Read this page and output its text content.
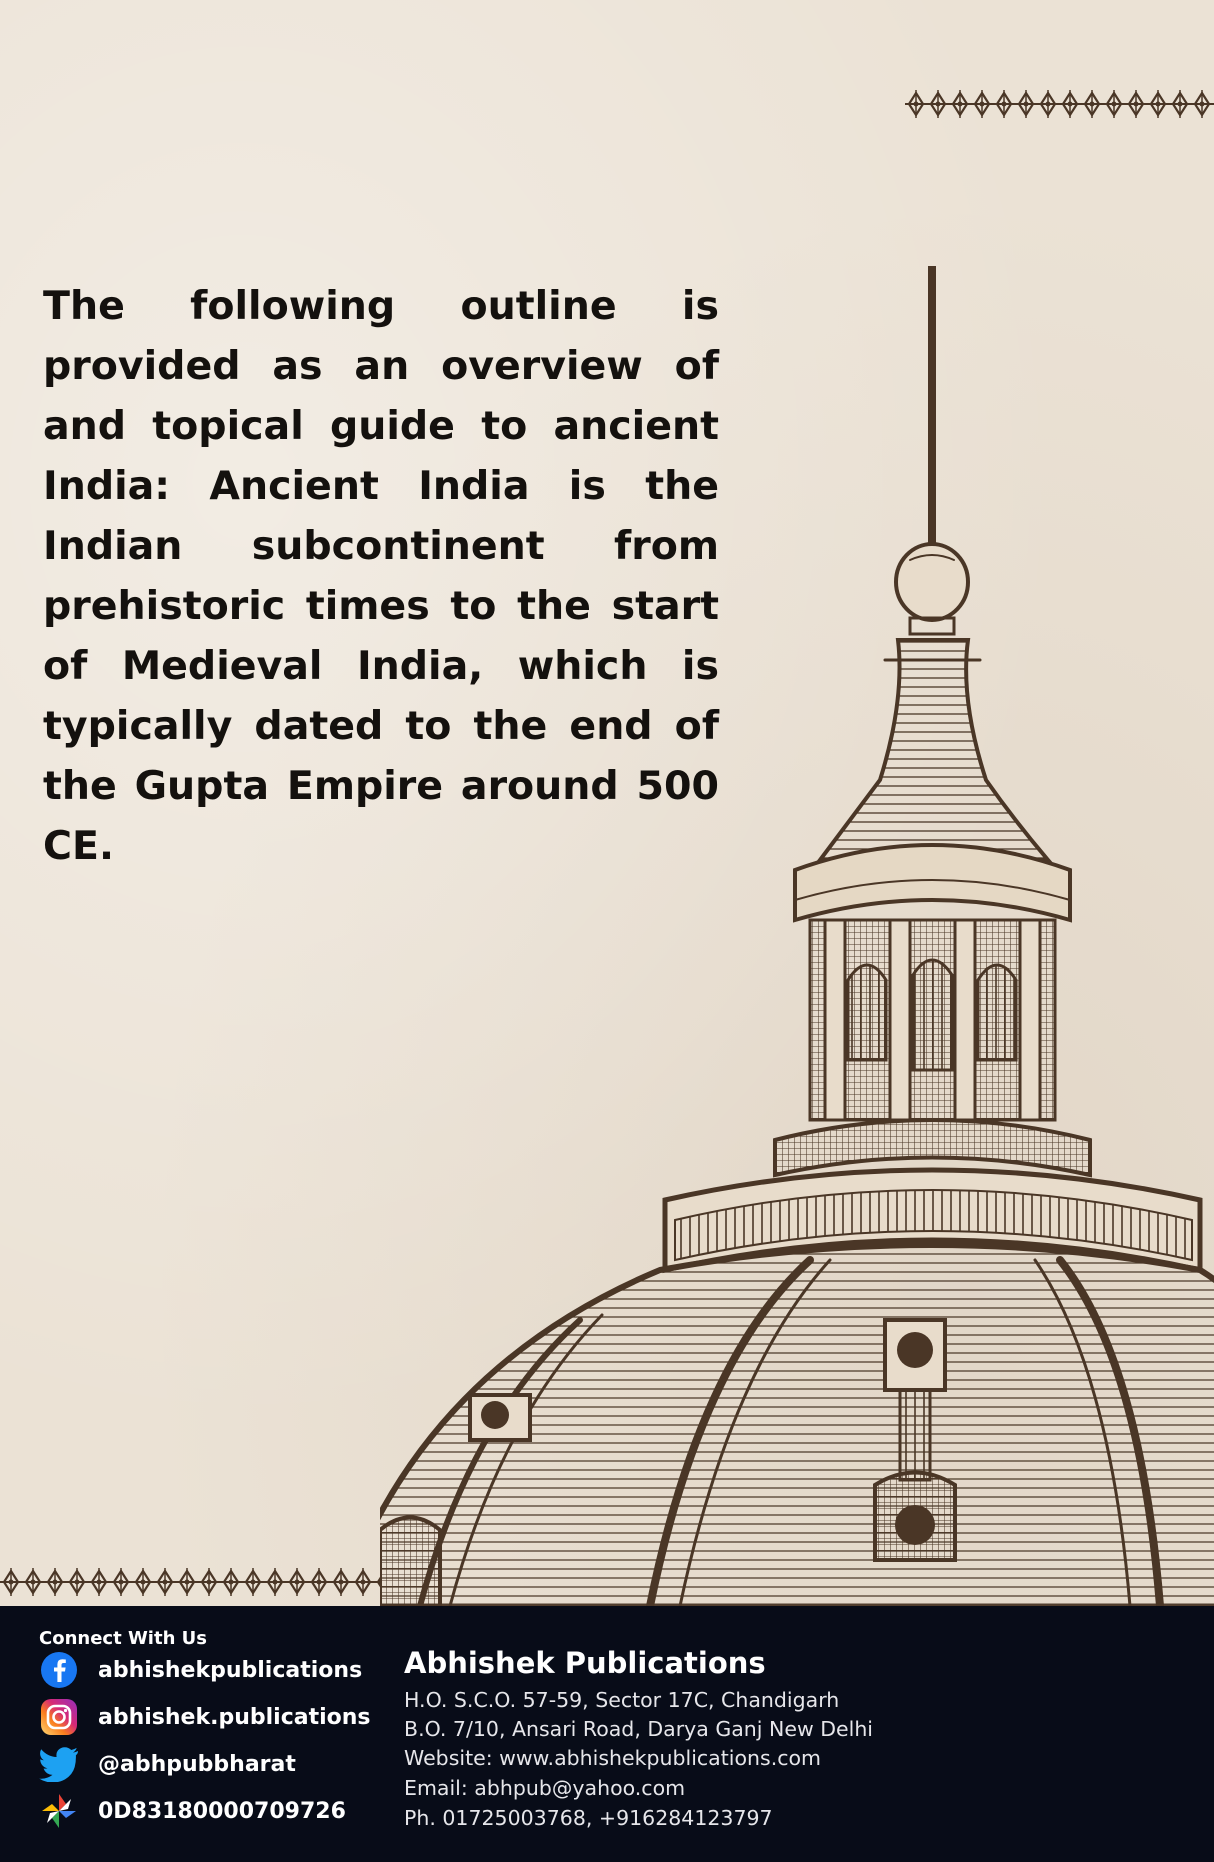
The following outline is provided as an overview of and topical guide to ancient India: Ancient India is the Indian subcontinent from prehistoric times to the start of Medieval India, which is typically dated to the end of the Gupta Empire around 500 CE.

Connect With Us
abhishekpublications
abhishek.publications
@abhpubbharat
0D83180000709726
Abhishek Publications
H.O. S.C.O. 57-59, Sector 17C, Chandigarh
B.O. 7/10, Ansari Road, Darya Ganj New Delhi
Website: www.abhishekpublications.com
Email: abhpub@yahoo.com
Ph. 01725003768, +916284123797
